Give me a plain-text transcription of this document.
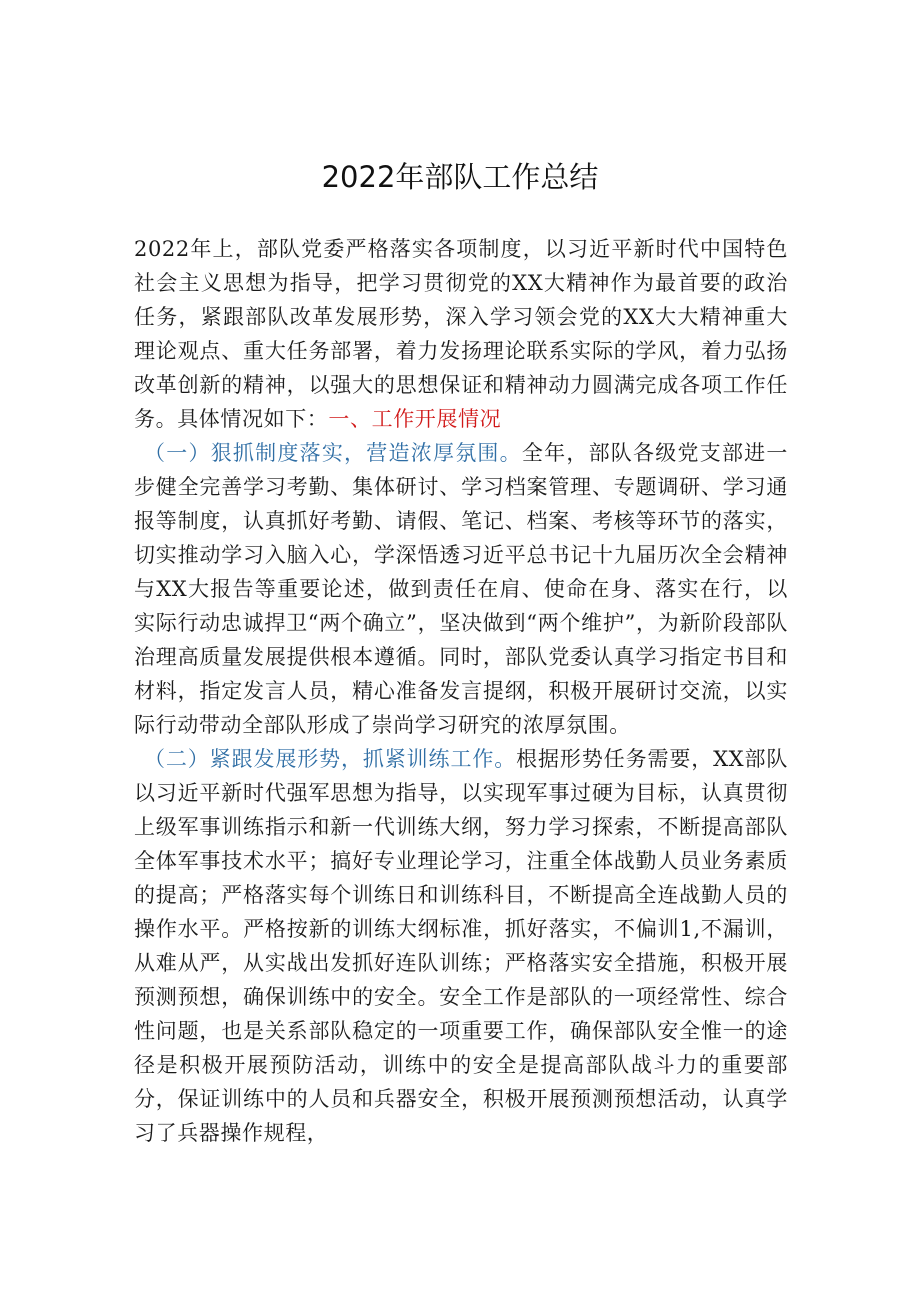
2022年部队工作总结

2022年上，部队党委严格落实各项制度，以习近平新时代中国特色社会主义思想为指导，把学习贯彻党的XX大精神作为最首要的政治任务，紧跟部队改革发展形势，深入学习领会党的XX大大精神重大理论观点、重大任务部署，着力发扬理论联系实际的学风，着力弘扬改革创新的精神，以强大的思想保证和精神动力圆满完成各项工作任务。具体情况如下：一、工作开展情况

（一）狠抓制度落实，营造浓厚氛围。全年，部队各级党支部进一步健全完善学习考勤、集体研讨、学习档案管理、专题调研、学习通报等制度，认真抓好考勤、请假、笔记、档案、考核等环节的落实，切实推动学习入脑入心，学深悟透习近平总书记十九届历次全会精神与XX大报告等重要论述，做到责任在肩、使命在身、落实在行，以实际行动忠诚捍卫“两个确立”，坚决做到“两个维护”，为新阶段部队治理高质量发展提供根本遵循。同时，部队党委认真学习指定书目和材料，指定发言人员，精心准备发言提纲，积极开展研讨交流，以实际行动带动全部队形成了崇尚学习研究的浓厚氛围。

（二）紧跟发展形势，抓紧训练工作。根据形势任务需要，XX部队以习近平新时代强军思想为指导，以实现军事过硬为目标，认真贯彻上级军事训练指示和新一代训练大纲，努力学习探索，不断提高部队全体军事技术水平；搞好专业理论学习，注重全体战勤人员业务素质的提高；严格落实每个训练日和训练科目，不断提高全连战勤人员的操作水平。严格按新的训练大纲标准，抓好落实，不偏训1,不漏训，从难从严，从实战出发抓好连队训练；严格落实安全措施，积极开展预测预想，确保训练中的安全。安全工作是部队的一项经常性、综合性问题，也是关系部队稳定的一项重要工作，确保部队安全惟一的途径是积极开展预防活动，训练中的安全是提高部队战斗力的重要部分，保证训练中的人员和兵器安全，积极开展预测预想活动，认真学习了兵器操作规程，
